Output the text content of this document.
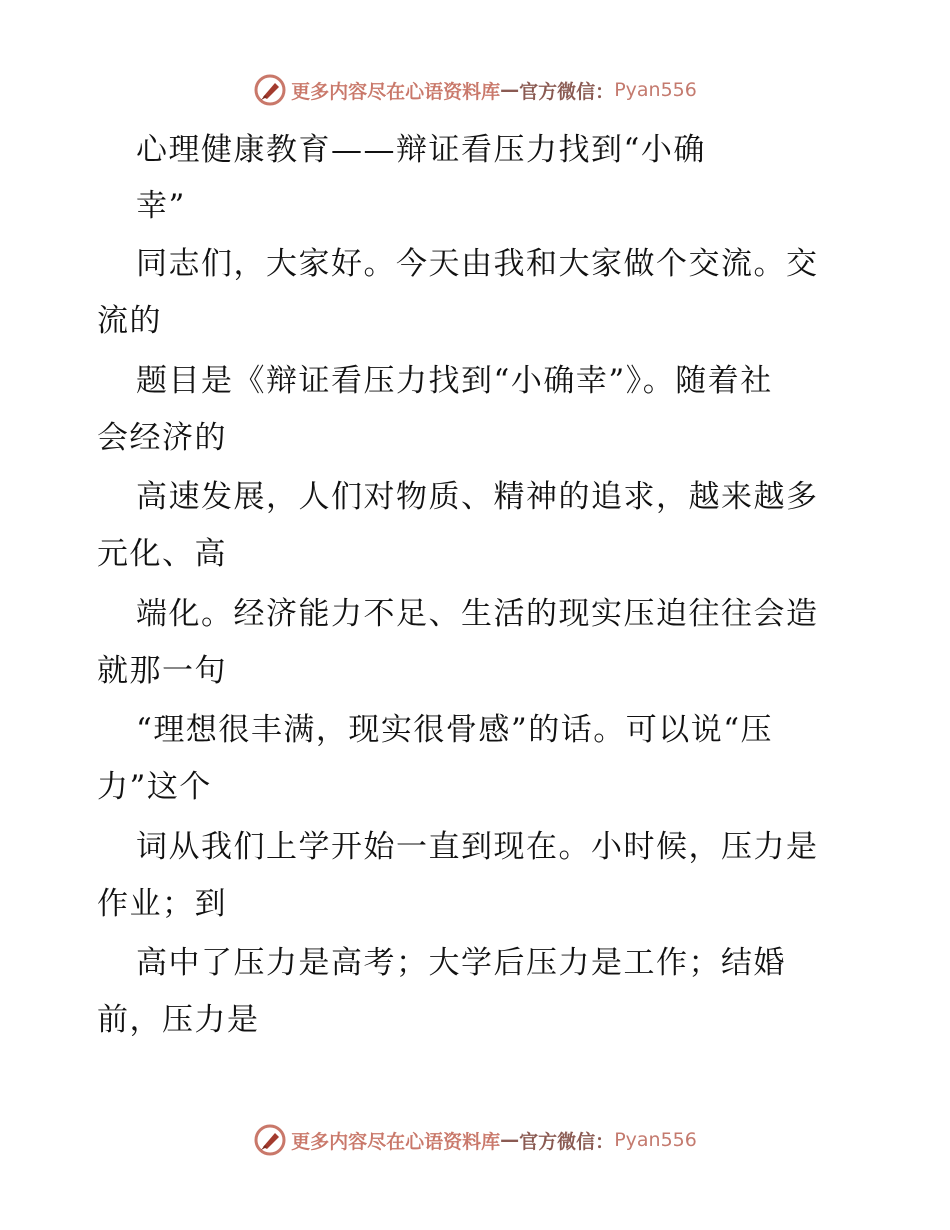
更多内容尽在心语资料库 — 官方微信： Pyan556
心理健康教育——辩证看压力找到“小确
幸”
同志们，大家好。今天由我和大家做个交流。交
流的
题目是《辩证看压力找到“小确幸”》。随着社
会经济的
高速发展，人们对物质、精神的追求，越来越多
元化、高
端化。经济能力不足、生活的现实压迫往往会造
就那一句
“理想很丰满，现实很骨感”的话。可以说“压
力”这个
词从我们上学开始一直到现在。小时候，压力是
作业；到
高中了压力是高考；大学后压力是工作；结婚
前，压力是
更多内容尽在心语资料库 — 官方微信： Pyan556
